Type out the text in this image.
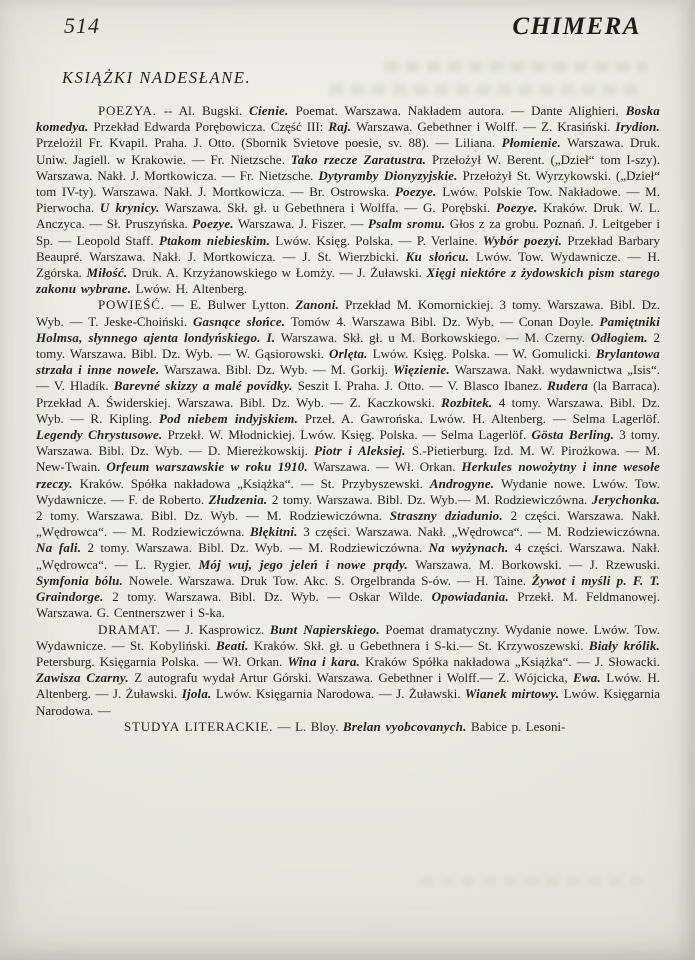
514	CHIMERA
KSIĄŻKI NADESŁANE.

POEZYA. -- Al. Bugski. Cienie. Poemat. Warszawa. Nakładem autora. — Dante Alighieri. Boska komedya. Przekład Edwarda Porębowicza. Część III: Raj. Warszawa. Gebethner i Wolff. — Z. Krasiński. Irydion. Przelożil Fr. Kvapil. Praha. J. Otto. (Sbornik Svietove poesie, sv. 88). — Liliana. Płomienie. Warszawa. Druk. Uniw. Jagiell. w Krakowie. — Fr. Nietzsche. Tako rzecze Zaratustra. Przełożył W. Berent. („Dzieł“ tom I-szy). Warszawa. Nakł. J. Mortkowicza. — Fr. Nietzsche. Dytyramby Dionyzyjskie. Przełożył St. Wyrzykowski. („Dzieł“ tom IV-ty). Warszawa. Nakł. J. Mortkowicza. — Br. Ostrowska. Poezye. Lwów. Polskie Tow. Nakładowe. — M. Pierwocha. U krynicy. Warszawa. Skł. gł. u Gebethnera i Wolffa. — G. Porębski. Poezye. Kraków. Druk. W. L. Anczyca. — Sł. Pruszyńska. Poezye. Warszawa. J. Fiszer. — Psalm sromu. Głos z za grobu. Poznań. J. Leitgeber i Sp. — Leopold Staff. Ptakom niebieskim. Lwów. Księg. Polska. — P. Verlaine. Wybór poezyi. Przekład Barbary Beaupré. Warszawa. Nakł. J. Mortkowicza. — J. St. Wierzbicki. Ku słońcu. Lwów. Tow. Wydawnicze. — H. Zgórska. Miłość. Druk. A. Krzyżanowskiego w Łomży. — J. Żuławski. Xięgi niektóre z żydowskich pism starego zakonu wybrane. Lwów. H. Altenberg.

POWIEŚĆ. — E. Bulwer Lytton. Zanoni. Przekład M. Komornickiej. 3 tomy. Warszawa. Bibl. Dz. Wyb. — T. Jeske-Choiński. Gasnące słońce. Tomów 4. Warszawa Bibl. Dz. Wyb. — Conan Doyle. Pamiętniki Holmsa, słynnego ajenta londyńskiego. I. Warszawa. Skł. gł. u M. Borkowskiego. — M. Czerny. Odłogiem. 2 tomy. Warszawa. Bibl. Dz. Wyb. — W. Gąsiorowski. Orlęta. Lwów. Księg. Polska. — W. Gomulicki. Brylantowa strzała i inne nowele. Warszawa. Bibl. Dz. Wyb. — M. Gorkij. Więzienie. Warszawa. Nakł. wydawnictwa „Isis“. — V. Hladík. Barevné skizzy a malé povídky. Seszit I. Praha. J. Otto. — V. Blasco Ibanez. Rudera (la Barraca). Przekład A. Świderskiej. Warszawa. Bibl. Dz. Wyb. — Z. Kaczkowski. Rozbitek. 4 tomy. Warszawa. Bibl. Dz. Wyb. — R. Kipling. Pod niebem indyjskiem. Przeł. A. Gawrońska. Lwów. H. Altenberg. — Selma Lagerlöf. Legendy Chrystusowe. Przekł. W. Młodnickiej. Lwów. Księg. Polska. — Selma Lagerlöf. Gösta Berling. 3 tomy. Warszawa. Bibl. Dz. Wyb. — D. Miereżkowskij. Piotr i Aleksiej. S.-Pietierburg. Izd. M. W. Pirożkowa. — M. New-Twain. Orfeum warszawskie w roku 1910. Warszawa. — Wł. Orkan. Herkules nowożytny i inne wesołe rzeczy. Kraków. Spółka nakładowa „Książka“. — St. Przybyszewski. Androgyne. Wydanie nowe. Lwów. Tow. Wydawnicze. — F. de Roberto. Złudzenia. 2 tomy. Warszawa. Bibl. Dz. Wyb.— M. Rodziewiczówna. Jerychonka. 2 tomy. Warszawa. Bibl. Dz. Wyb. — M. Rodziewiczówna. Straszny dziadunio. 2 części. Warszawa. Nakł. „Wędrowca“. — M. Rodziewiczówna. Błękitni. 3 części. Warszawa. Nakł. „Wędrowca“. — M. Rodziewiczówna. Na fali. 2 tomy. Warszawa. Bibl. Dz. Wyb. — M. Rodziewiczówna. Na wyżynach. 4 części. Warszawa. Nakł. „Wędrowca“. — L. Rygier. Mój wuj, jego jeleń i nowe prądy. Warszawa. M. Borkowski. — J. Rzewuski. Symfonia bólu. Nowele. Warszawa. Druk Tow. Akc. S. Orgelbranda S-ów. — H. Taine. Żywot i myśli p. F. T. Graindorge. 2 tomy. Warszawa. Bibl. Dz. Wyb. — Oskar Wilde. Opowiadania. Przekł. M. Feldmanowej. Warszawa. G. Centnerszwer i S-ka.

DRAMAT. — J. Kasprowicz. Bunt Napierskiego. Poemat dramatyczny. Wydanie nowe. Lwów. Tow. Wydawnicze. — St. Kobyliński. Beati. Kraków. Skł. gł. u Gebethnera i S-ki.— St. Krzywoszewski. Biały królik. Petersburg. Księgarnia Polska. — Wł. Orkan. Wina i kara. Kraków Spółka nakładowa „Książka“. — J. Słowacki. Zawisza Czarny. Z autografu wydał Artur Górski. Warszawa. Gebethner i Wolff.— Z. Wójcicka, Ewa. Lwów. H. Altenberg. — J. Żuławski. Ijola. Lwów. Księgarnia Narodowa. — J. Żuławski. Wianek mirtowy. Lwów. Księgarnia Narodowa. —

STUDYA LITERACKIE. — L. Bloy. Brelan vyobcovanych. Babice p. Lesoni-
